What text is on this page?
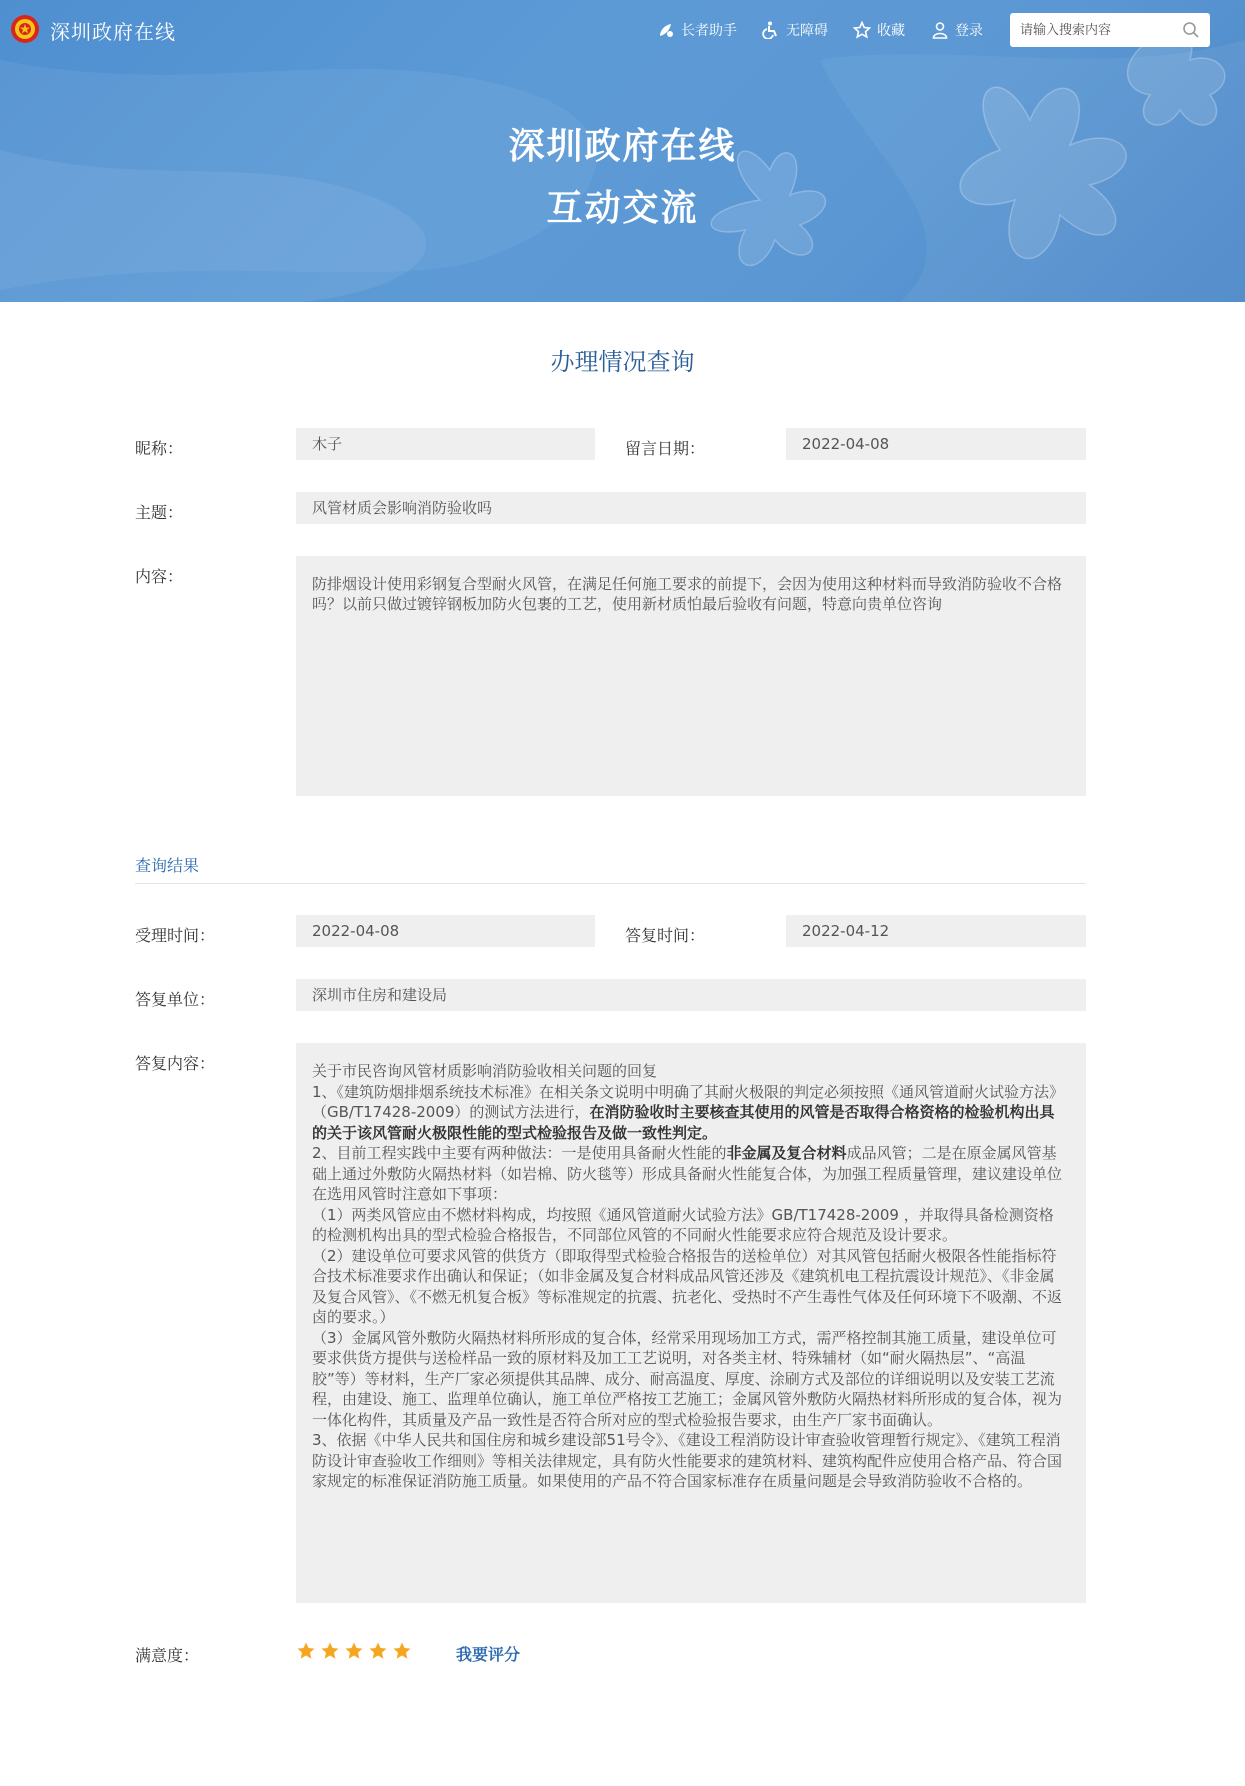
深圳政府在线	长者助手	无障碍	收藏	登录
请输入搜索内容
深圳政府在线
互动交流
办理情况查询
昵称：	木子	留言日期：	2022-04-08
主题：	风管材质会影响消防验收吗
内容：	防排烟设计使用彩钢复合型耐火风管，在满足任何施工要求的前提下，会因为使用这种材料而导致消防验收不合格吗？以前只做过镀锌钢板加防火包裹的工艺，使用新材质怕最后验收有问题，特意向贵单位咨询
查询结果
受理时间：	2022-04-08	答复时间：	2022-04-12
答复单位：	深圳市住房和建设局
答复内容：	关于市民咨询风管材质影响消防验收相关问题的回复

1、《建筑防烟排烟系统技术标准》在相关条文说明中明确了其耐火极限的判定必须按照《通风管道耐火试验方法》（GB/T17428-2009）的测试方法进行，在消防验收时主要核查其使用的风管是否取得合格资格的检验机构出具的关于该风管耐火极限性能的型式检验报告及做一致性判定。

2、目前工程实践中主要有两种做法：一是使用具备耐火性能的非金属及复合材料成品风管；二是在原金属风管基础上通过外敷防火隔热材料（如岩棉、防火毯等）形成具备耐火性能复合体，为加强工程质量管理，建议建设单位在选用风管时注意如下事项：

（1）两类风管应由不燃材料构成，均按照《通风管道耐火试验方法》GB/T17428-2009 ，并取得具备检测资格的检测机构出具的型式检验合格报告，不同部位风管的不同耐火性能要求应符合规范及设计要求。

（2）建设单位可要求风管的供货方（即取得型式检验合格报告的送检单位）对其风管包括耐火极限各性能指标符合技术标准要求作出确认和保证；（如非金属及复合材料成品风管还涉及《建筑机电工程抗震设计规范》、《非金属及复合风管》、《不燃无机复合板》等标准规定的抗震、抗老化、受热时不产生毒性气体及任何环境下不吸潮、不返卤的要求。）

（3）金属风管外敷防火隔热材料所形成的复合体，经常采用现场加工方式，需严格控制其施工质量，建设单位可要求供货方提供与送检样品一致的原材料及加工工艺说明，对各类主材、特殊辅材（如“耐火隔热层”、“高温胶”等）等材料，生产厂家必须提供其品牌、成分、耐高温度、厚度、涂刷方式及部位的详细说明以及安装工艺流程，由建设、施工、监理单位确认，施工单位严格按工艺施工；金属风管外敷防火隔热材料所形成的复合体，视为一体化构件，其质量及产品一致性是否符合所对应的型式检验报告要求，由生产厂家书面确认。

3、依据《中华人民共和国住房和城乡建设部51号令》、《建设工程消防设计审查验收管理暂行规定》、《建筑工程消防设计审查验收工作细则》等相关法律规定，具有防火性能要求的建筑材料、建筑构配件应使用合格产品、符合国家规定的标准保证消防施工质量。如果使用的产品不符合国家标准存在质量问题是会导致消防验收不合格的。

满意度：	我要评分
